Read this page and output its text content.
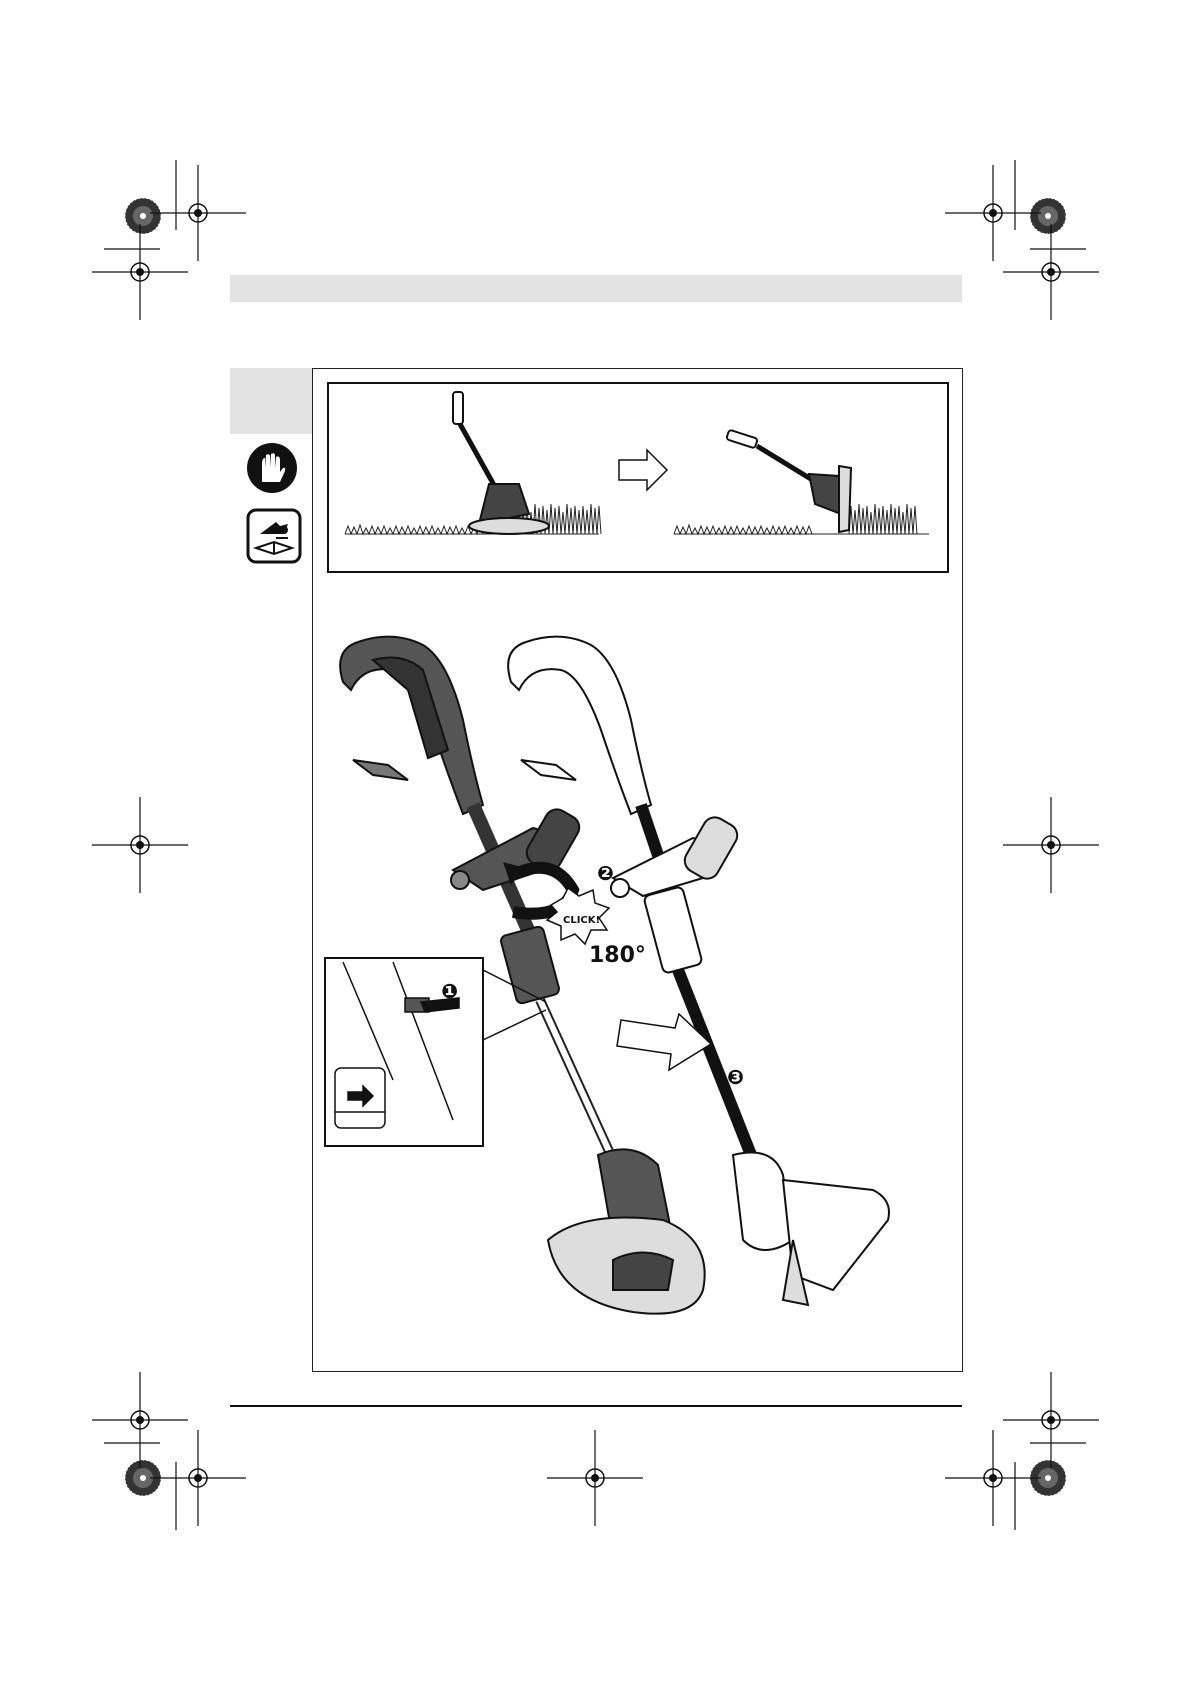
❶
❷
❸
CLICK!
180°
